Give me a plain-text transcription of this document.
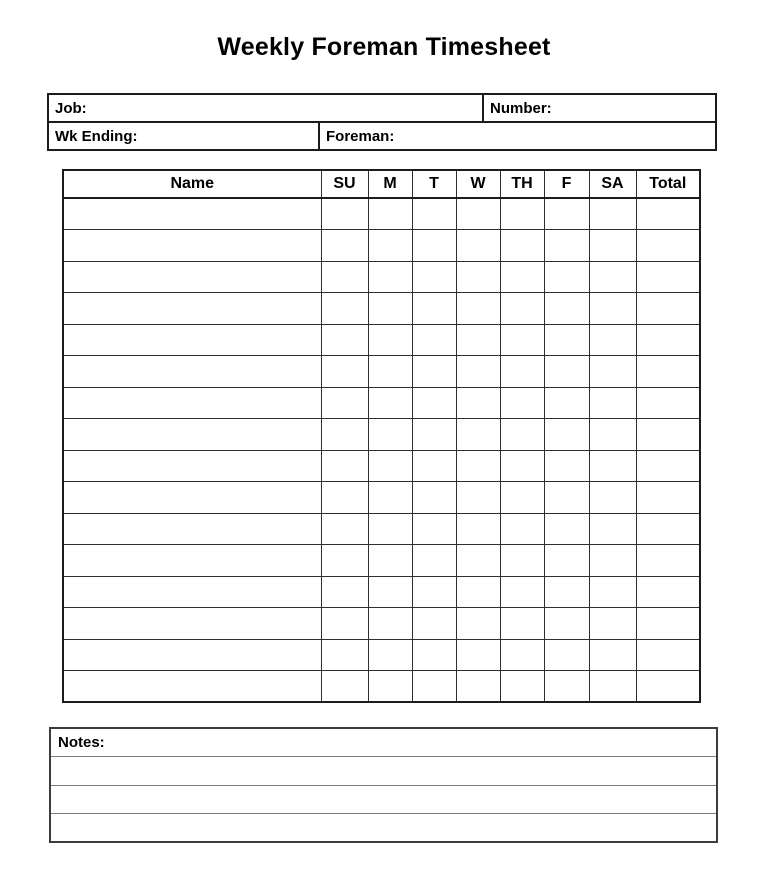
Weekly Foreman Timesheet
Job:	Number:
Wk Ending:	Foreman:
Name	SU	M	T	W	TH	F	SA	Total

Notes:
